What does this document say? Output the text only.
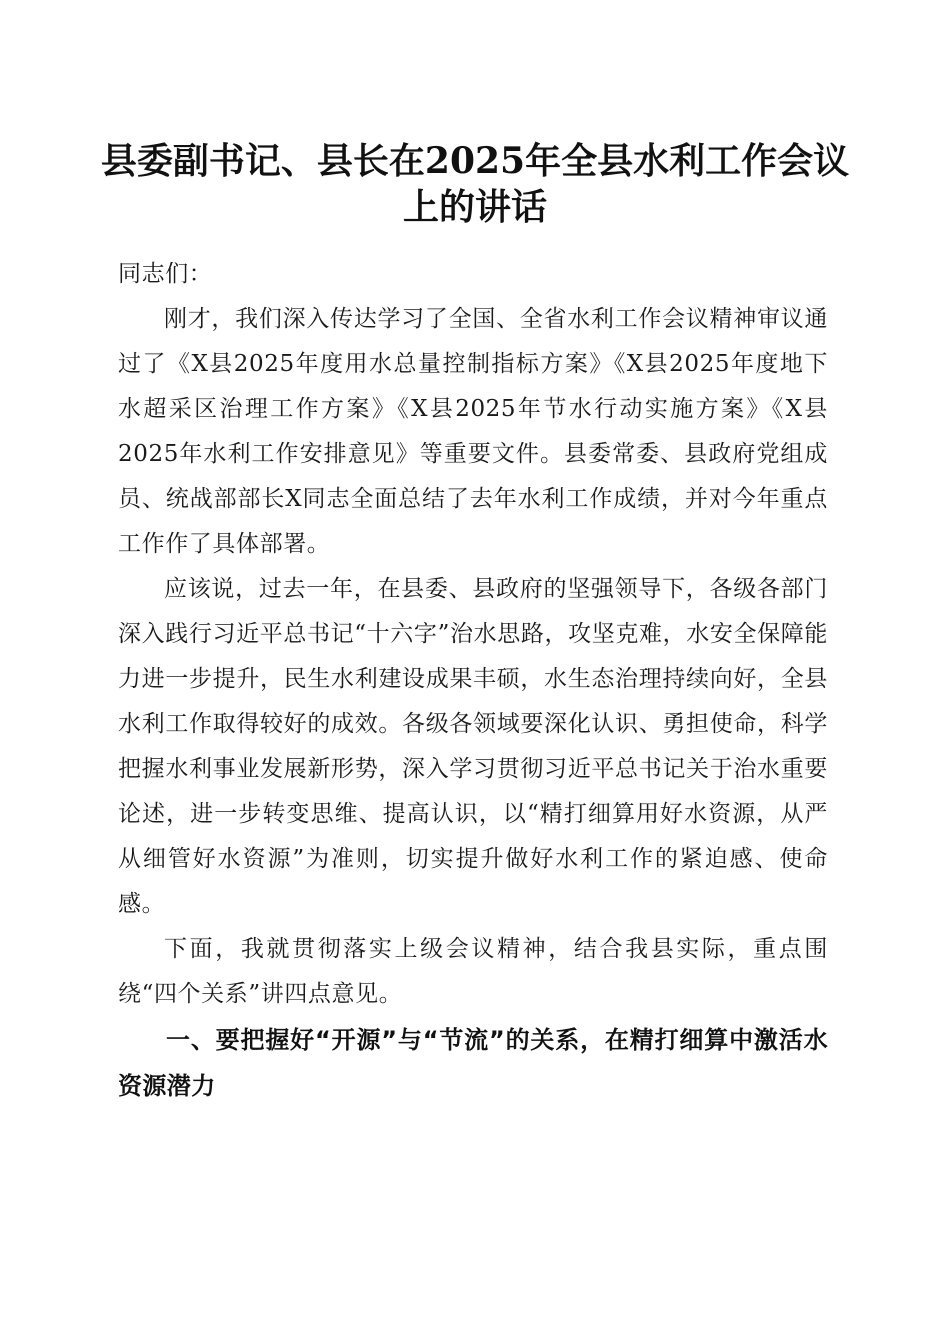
县委副书记、县长在2025年全县水利工作会议上的讲话

同志们：

刚才，我们深入传达学习了全国、全省水利工作会议精神审议通过了《X县2025年度用水总量控制指标方案》《X县2025年度地下水超采区治理工作方案》《X县2025年节水行动实施方案》《X县2025年水利工作安排意见》等重要文件。县委常委、县政府党组成员、统战部部长X同志全面总结了去年水利工作成绩，并对今年重点工作作了具体部署。

应该说，过去一年，在县委、县政府的坚强领导下，各级各部门深入践行习近平总书记“十六字”治水思路，攻坚克难，水安全保障能力进一步提升，民生水利建设成果丰硕，水生态治理持续向好，全县水利工作取得较好的成效。各级各领域要深化认识、勇担使命，科学把握水利事业发展新形势，深入学习贯彻习近平总书记关于治水重要论述，进一步转变思维、提高认识，以“精打细算用好水资源，从严从细管好水资源”为准则，切实提升做好水利工作的紧迫感、使命感。

下面，我就贯彻落实上级会议精神，结合我县实际，重点围绕“四个关系”讲四点意见。

一、要把握好“开源”与“节流”的关系，在精打细算中激活水资源潜力
